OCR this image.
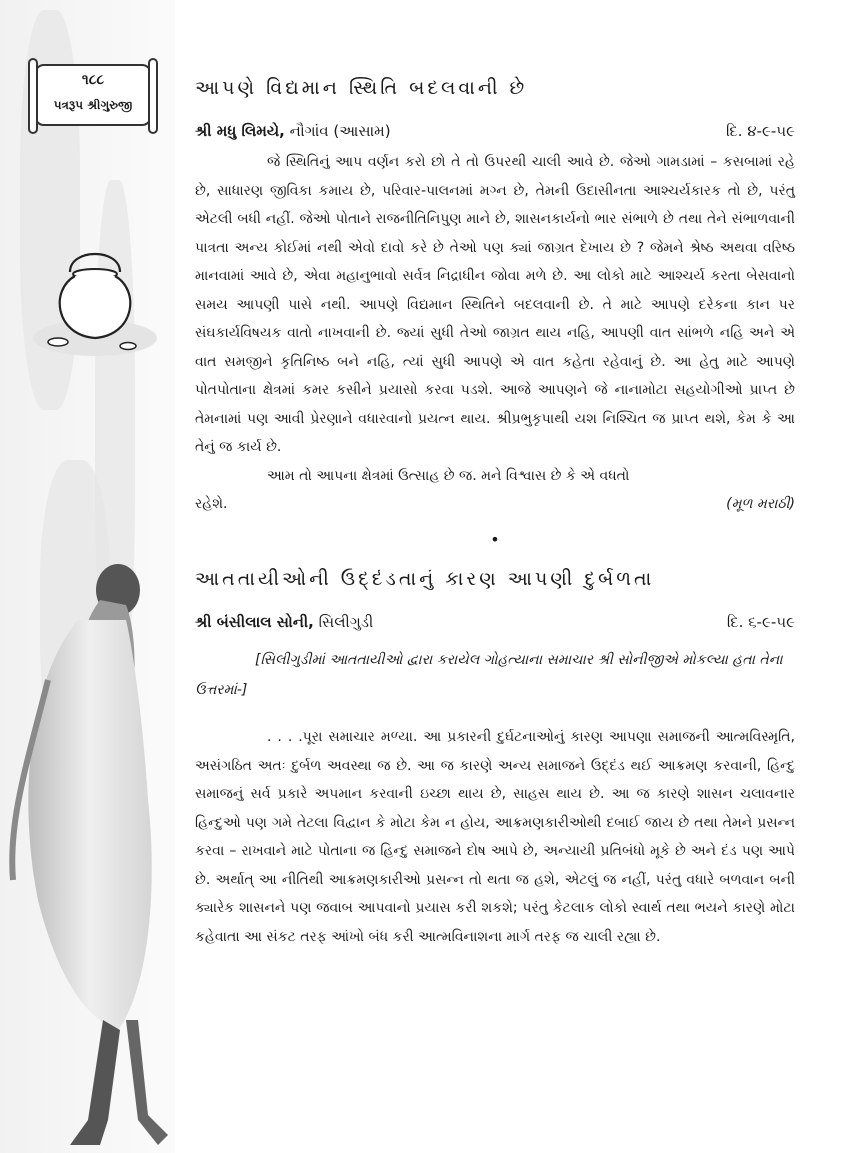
૧૮૮
પત્રરૂપ શ્રીગુરુજી
આપણે વિદ્યમાન સ્થિતિ બદલવાની છે
શ્રી મધુ લિમયે, નૌગાંવ (આસામ)	દિ. ૪-૯-૫૯

જે સ્થિતિનું આપ વર્ણન કરો છો તે તો ઉપરથી ચાલી આવે છે. જેઓ ગામડામાં – કસબામાં રહે છે, સાધારણ જીવિકા કમાય છે, પરિવાર-પાલનમાં મગ્ન છે, તેમની ઉદાસીનતા આશ્ચર્યકારક તો છે, પરંતુ એટલી બધી નહીં. જેઓ પોતાને રાજનીતિનિપુણ માને છે, શાસનકાર્યનો ભાર સંભાળે છે તથા તેને સંભાળવાની પાત્રતા અન્ય કોઈમાં નથી એવો દાવો કરે છે તેઓ પણ ક્યાં જાગ્રત દેખાય છે ? જેમને શ્રેષ્ઠ અથવા વરિષ્ઠ માનવામાં આવે છે, એવા મહાનુભાવો સર્વત્ર નિદ્રાધીન જોવા મળે છે. આ લોકો માટે આશ્ચર્ય કરતા બેસવાનો સમય આપણી પાસે નથી. આપણે વિદ્યમાન સ્થિતિને બદલવાની છે. તે માટે આપણે દરેકના કાન પર સંઘકાર્યવિષયક વાતો નાખવાની છે. જ્યાં સુધી તેઓ જાગ્રત થાય નહિ, આપણી વાત સાંભળે નહિ અને એ વાત સમજીને કૃતિનિષ્ઠ બને નહિ, ત્યાં સુધી આપણે એ વાત કહેતા રહેવાનું છે. આ હેતુ માટે આપણે પોતપોતાના ક્ષેત્રમાં કમર કસીને પ્રયાસો કરવા પડશે. આજે આપણને જે નાનામોટા સહયોગીઓ પ્રાપ્ત છે તેમનામાં પણ આવી પ્રેરણાને વધારવાનો પ્રયત્ન થાય. શ્રીપ્રભુકૃપાથી યશ નિશ્ચિત જ પ્રાપ્ત થશે, કેમ કે આ તેનું જ કાર્ય છે.

આમ તો આપના ક્ષેત્રમાં ઉત્સાહ છે જ. મને વિશ્વાસ છે કે એ વધતો

રહેશે.	(મૂળ મરાઠી)
•
આતતાયીઓની ઉદ્દંડતાનું કારણ આપણી દુર્બળતા
શ્રી બંસીલાલ સોની, સિલીગુડી	દિ. ૬-૯-૫૯
[સિલીગુડીમાં આતતાયીઓ દ્વારા કરાયેલ ગોહત્યાના સમાચાર શ્રી સોનીજીએ મોકલ્યા હતા તેના ઉત્તરમાં-]

. . . .પૂરા સમાચાર મળ્યા. આ પ્રકારની દુર્ઘટનાઓનું કારણ આપણા સમાજની આત્મવિસ્મૃતિ, અસંગઠિત અતઃ દુર્બળ અવસ્થા જ છે. આ જ કારણે અન્ય સમાજને ઉદ્દંડ થઈ આક્રમણ કરવાની, હિન્દુ સમાજનું સર્વ પ્રકારે અપમાન કરવાની ઇચ્છા થાય છે, સાહસ થાય છે. આ જ કારણે શાસન ચલાવનાર હિન્દુઓ પણ ગમે તેટલા વિદ્વાન કે મોટા કેમ ન હોય, આક્રમણકારીઓથી દબાઈ જાય છે તથા તેમને પ્રસન્ન કરવા – રાખવાને માટે પોતાના જ હિન્દુ સમાજને દોષ આપે છે, અન્યાયી પ્રતિબંધો મૂકે છે અને દંડ પણ આપે છે. અર્થાત્ આ નીતિથી આક્રમણકારીઓ પ્રસન્ન તો થતા જ હશે, એટલું જ નહીં, પરંતુ વધારે બળવાન બની ક્યારેક શાસનને પણ જવાબ આપવાનો પ્રયાસ કરી શકશે; પરંતુ કેટલાક લોકો સ્વાર્થ તથા ભયને કારણે મોટા કહેવાતા આ સંકટ તરફ આંખો બંધ કરી આત્મવિનાશના માર્ગ તરફ જ ચાલી રહ્યા છે.
